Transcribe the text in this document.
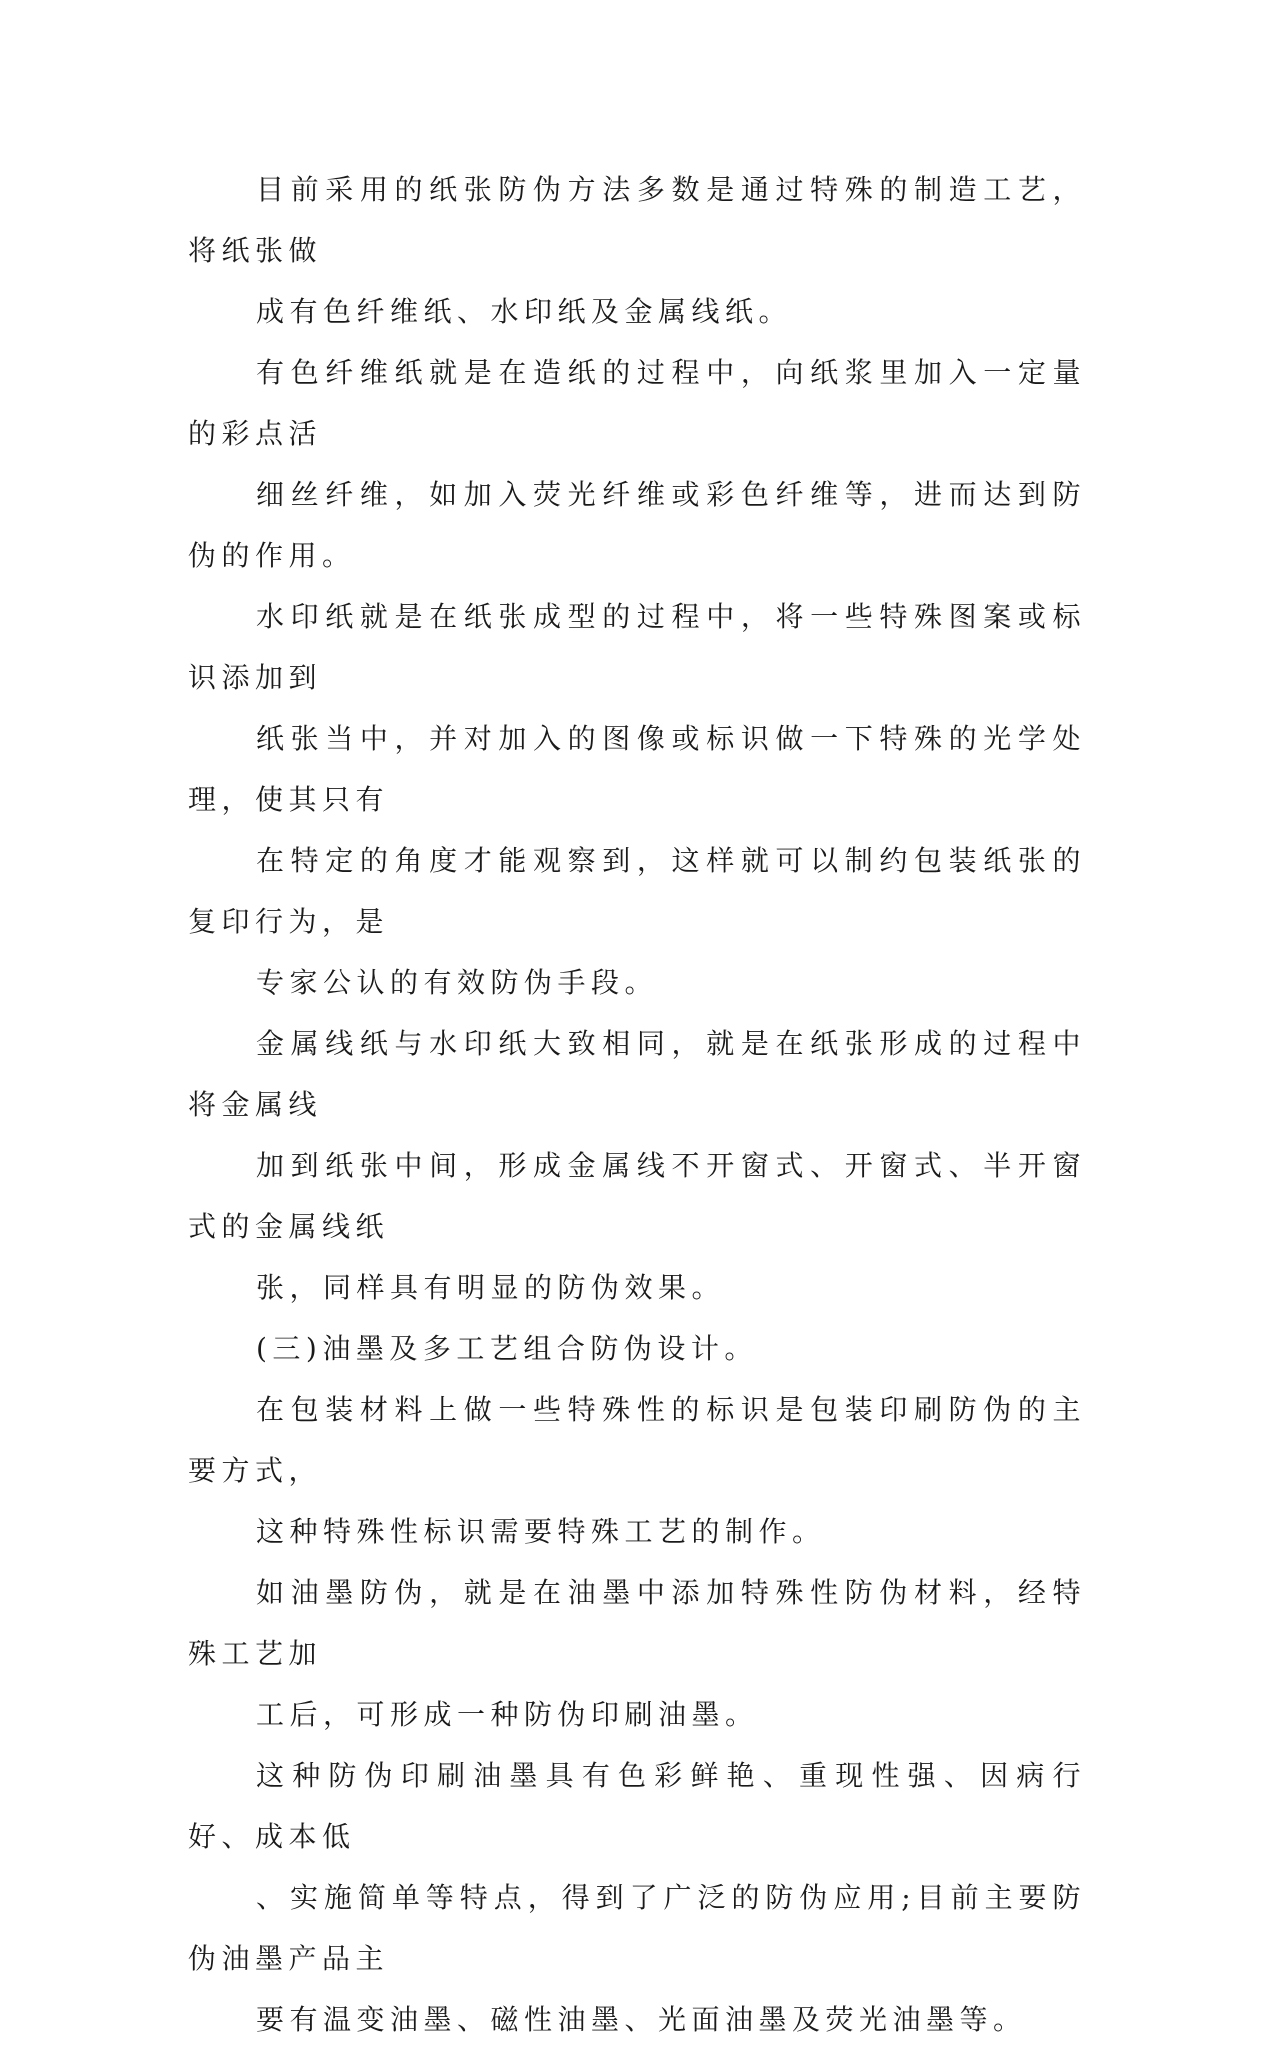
目前采用的纸张防伪方法多数是通过特殊的制造工艺，将纸张做
成有色纤维纸、水印纸及金属线纸。

有色纤维纸就是在造纸的过程中，向纸浆里加入一定量的彩点活
细丝纤维，如加入荧光纤维或彩色纤维等，进而达到防伪的作用。

水印纸就是在纸张成型的过程中，将一些特殊图案或标识添加到
纸张当中，并对加入的图像或标识做一下特殊的光学处理，使其只有
在特定的角度才能观察到，这样就可以制约包装纸张的复印行为，是
专家公认的有效防伪手段。

金属线纸与水印纸大致相同，就是在纸张形成的过程中将金属线
加到纸张中间，形成金属线不开窗式、开窗式、半开窗式的金属线纸
张，同样具有明显的防伪效果。

(三)油墨及多工艺组合防伪设计。

在包装材料上做一些特殊性的标识是包装印刷防伪的主要方式，
这种特殊性标识需要特殊工艺的制作。

如油墨防伪，就是在油墨中添加特殊性防伪材料，经特殊工艺加
工后，可形成一种防伪印刷油墨。

这种防伪印刷油墨具有色彩鲜艳、重现性强、因病行好、成本低
、实施简单等特点，得到了广泛的防伪应用;目前主要防伪油墨产品主
要有温变油墨、磁性油墨、光面油墨及荧光油墨等。
